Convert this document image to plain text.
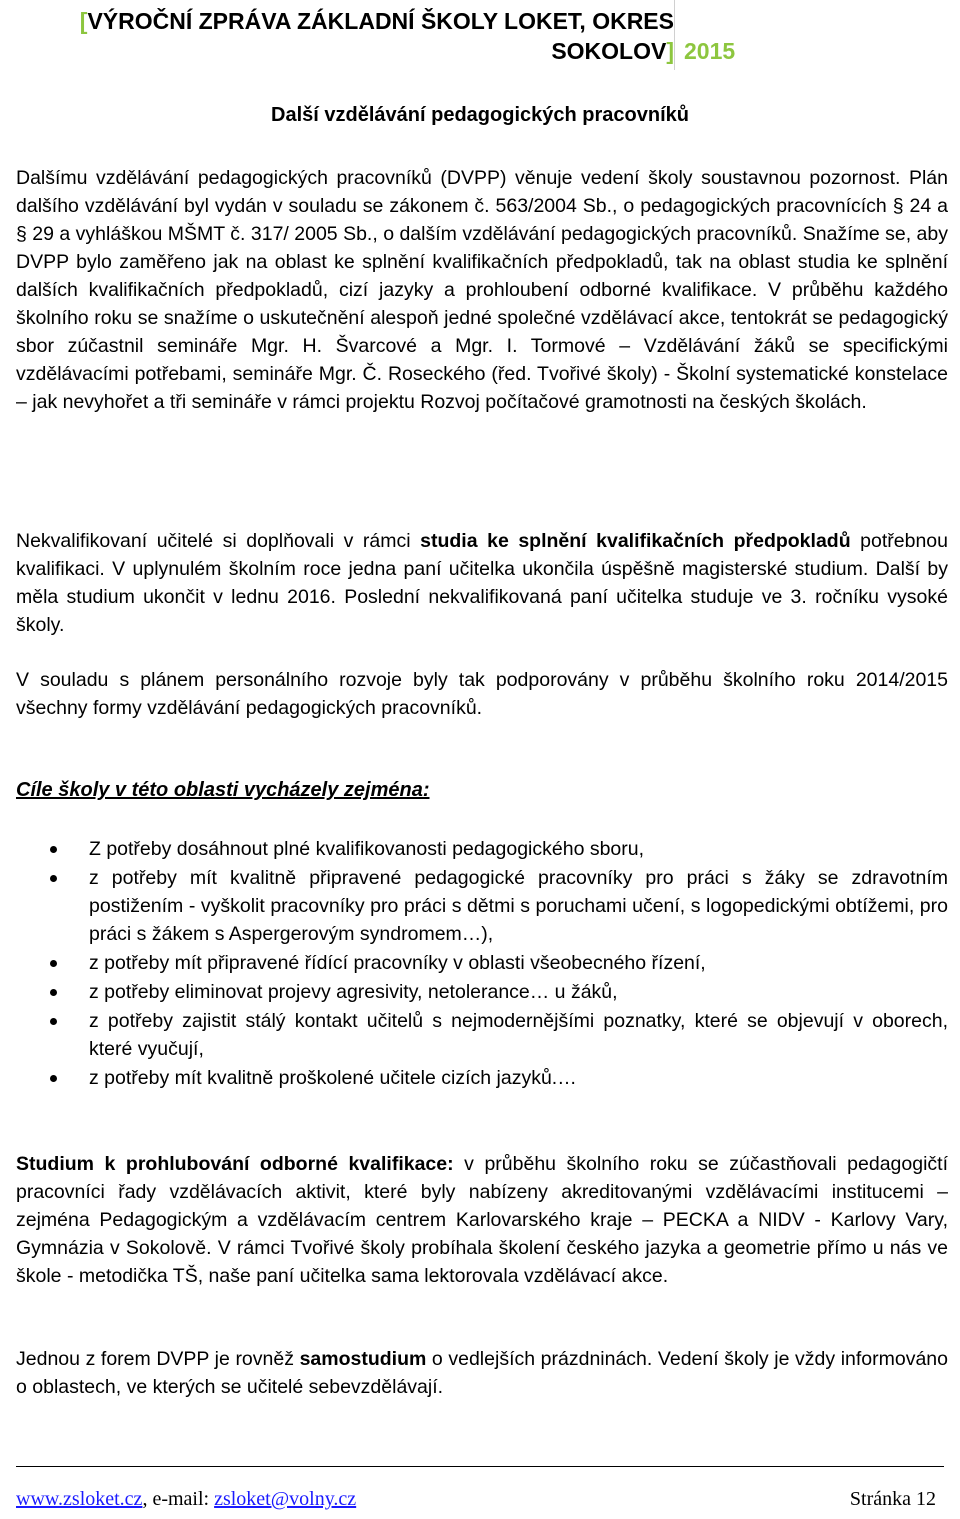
[VÝROČNÍ ZPRÁVA ZÁKLADNÍ ŠKOLY LOKET, OKRES
SOKOLOV] 2015
Další vzdělávání pedagogických pracovníků
Dalšímu vzdělávání pedagogických pracovníků (DVPP) věnuje vedení školy soustavnou pozornost. Plán dalšího vzdělávání byl vydán v souladu se zákonem č. 563/2004 Sb., o pedagogických pracovnících § 24 a § 29 a vyhláškou MŠMT č. 317/ 2005 Sb., o dalším vzdělávání pedagogických pracovníků. Snažíme se, aby DVPP bylo zaměřeno jak na oblast ke splnění kvalifikačních předpokladů, tak na oblast studia ke splnění dalších kvalifikačních předpokladů, cizí jazyky a prohloubení odborné kvalifikace. V průběhu každého školního roku se snažíme o uskutečnění alespoň jedné společné vzdělávací akce, tentokrát se pedagogický sbor zúčastnil semináře Mgr. H. Švarcové a Mgr. I. Tormové – Vzdělávání žáků se specifickými vzdělávacími potřebami, semináře Mgr. Č. Roseckého (řed. Tvořivé školy) - Školní systematické konstelace – jak nevyhořet a tři semináře v rámci projektu Rozvoj počítačové gramotnosti na českých školách.
Nekvalifikovaní učitelé si doplňovali v rámci studia ke splnění kvalifikačních předpokladů potřebnou kvalifikaci. V uplynulém školním roce jedna paní učitelka ukončila úspěšně magisterské studium. Další by měla studium ukončit v lednu 2016. Poslední nekvalifikovaná paní učitelka studuje ve 3. ročníku vysoké školy.
V souladu s plánem personálního rozvoje byly tak podporovány v průběhu školního roku 2014/2015 všechny formy vzdělávání pedagogických pracovníků.
Cíle školy v této oblasti vycházely zejména:
Z potřeby dosáhnout plné kvalifikovanosti pedagogického sboru,
z potřeby mít kvalitně připravené pedagogické pracovníky pro práci s žáky se zdravotním postižením - vyškolit pracovníky pro práci s dětmi s poruchami učení, s logopedickými obtížemi, pro práci s žákem s Aspergerovým syndromem…),
z potřeby mít připravené řídící pracovníky v oblasti všeobecného řízení,
z potřeby eliminovat projevy agresivity, netolerance… u žáků,
z potřeby zajistit stálý kontakt učitelů s nejmodernějšími poznatky, které se objevují v oborech, které vyučují,
z potřeby mít kvalitně proškolené učitele cizích jazyků.…
Studium k prohlubování odborné kvalifikace: v průběhu školního roku se zúčastňovali pedagogičtí pracovníci řady vzdělávacích aktivit, které byly nabízeny akreditovanými vzdělávacími institucemi – zejména Pedagogickým a vzdělávacím centrem Karlovarského kraje – PECKA a NIDV - Karlovy Vary, Gymnázia v Sokolově. V rámci Tvořivé školy probíhala školení českého jazyka a geometrie přímo u nás ve škole - metodička TŠ, naše paní učitelka sama lektorovala vzdělávací akce.
Jednou z forem DVPP je rovněž samostudium o vedlejších prázdninách. Vedení školy je vždy informováno o oblastech, ve kterých se učitelé sebevzdělávají.
www.zsloket.cz, e-mail: zsloket@volny.cz	Stránka 12
